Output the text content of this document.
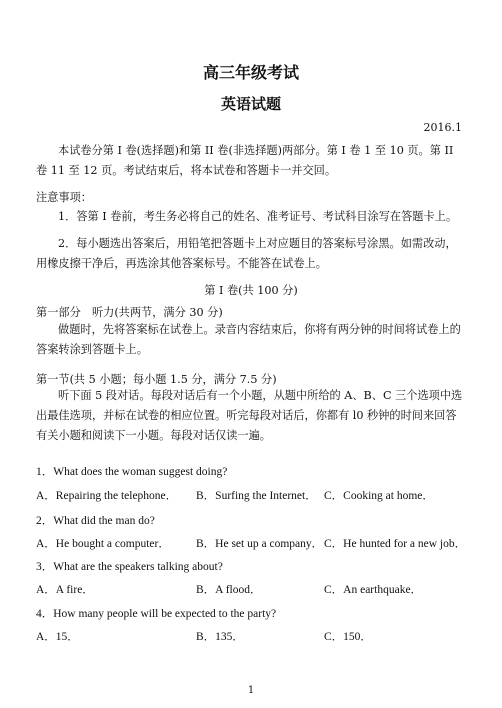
高三年级考试
英语试题
2016.1
本试卷分第 I 卷(选择题)和第 II 卷(非选择题)两部分。第 I 卷 1 至 10 页。第 II 卷 11 至 12 页。考试结束后，将本试卷和答题卡一并交回。
注意事项：
1．答第 I 卷前，考生务必将自己的姓名、准考证号、考试科目涂写在答题卡上。
2．每小题选出答案后，用铅笔把答题卡上对应题目的答案标号涂黑。如需改动，用橡皮擦干净后，再选涂其他答案标号。不能答在试卷上。
第 I 卷(共 100 分)
第一部分　听力(共两节，满分 30 分)
做题时，先将答案标在试卷上。录音内容结束后，你将有两分钟的时间将试卷上的答案转涂到答题卡上。
第一节(共 5 小题；每小题 1.5 分，满分 7.5 分)
听下面 5 段对话。每段对话后有一个小题，从题中所给的 A、B、C 三个选项中选出最佳选项，并标在试卷的相应位置。听完每段对话后，你都有 l0 秒钟的时间来回答有关小题和阅读下一小题。每段对话仅读一遍。
1．What does the woman suggest doing?
A．Repairing the telephone． B．Surfing the Internet． C．Cooking at home．
2．What did the man do?
A．He bought a computer． B．He set up a company． C．He hunted for a new job．
3．What are the speakers talking about?
A．A fire．	B．A flood．	C．An earthquake．
4．How many people will be expected to the party?
A．15．	B．135．	C．150．
1
